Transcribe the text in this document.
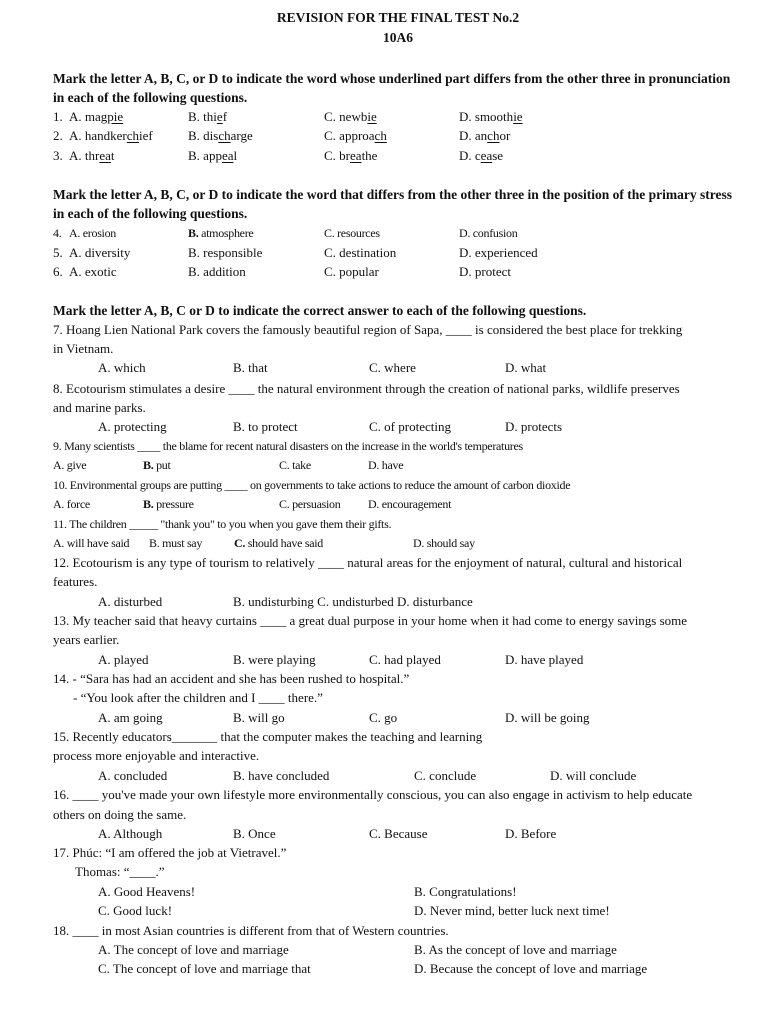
REVISION FOR THE FINAL TEST No.2
10A6
Mark the letter A, B, C, or D to indicate the word whose underlined part differs from the other three in pronunciation in each of the following questions.
1. A. magpie	B. thief	C. newbie	D. smoothie
2. A. handkerchief	B. discharge	C. approach	D. anchor
3. A. threat	B. appeal	C. breathe	D. cease
Mark the letter A, B, C, or D to indicate the word that differs from the other three in the position of the primary stress in each of the following questions.
4. A. erosion	B. atmosphere	C. resources	D. confusion
5. A. diversity	B. responsible	C. destination	D. experienced
6. A. exotic	B. addition	C. popular	D. protect
Mark the letter A, B, C or D to indicate the correct answer to each of the following questions.
7. Hoang Lien National Park covers the famously beautiful region of Sapa, ____ is considered the best place for trekking
in Vietnam.
A. which	B. that	C. where	D. what
8. Ecotourism stimulates a desire ____ the natural environment through the creation of national parks, wildlife preserves
and marine parks.
A. protecting	B. to protect	C. of protecting	D. protects
9. Many scientists ____ the blame for recent natural disasters on the increase in the world's temperatures
A. give	B. put	C. take	D. have
10. Environmental groups are putting ____ on governments to take actions to reduce the amount of carbon dioxide
A. force	B. pressure	C. persuasion D. encouragement
11. The children _____ "thank you" to you when you gave them their gifts.
A. will have said B. must say	C. should have said	D. should say
12. Ecotourism is any type of tourism to relatively ____ natural areas for the enjoyment of natural, cultural and historical
features.
A. disturbed	B. undisturbing C. undisturbed D. disturbance
13. My teacher said that heavy curtains ____ a great dual purpose in your home when it had come to energy savings some
years earlier.
A. played	B. were playing	C. had played	D. have played
14. - “Sara has had an accident and she has been rushed to hospital.”
- “You look after the children and I ____ there.”
A. am going	B. will go	C. go	D. will be going
15. Recently educators_______ that the computer makes the teaching and learning
process more enjoyable and interactive.
A. concluded	B. have concluded	C. conclude	D. will conclude
16. ____ you've made your own lifestyle more environmentally conscious, you can also engage in activism to help educate
others on doing the same.
A. Although	B. Once	C. Because	D. Before
17. Phúc: “I am offered the job at Vietravel.”
Thomas: “____.”
A. Good Heavens!	B. Congratulations!
C. Good luck!	D. Never mind, better luck next time!
18. ____ in most Asian countries is different from that of Western countries.
A. The concept of love and marriage	B. As the concept of love and marriage
C. The concept of love and marriage that	D. Because the concept of love and marriage
